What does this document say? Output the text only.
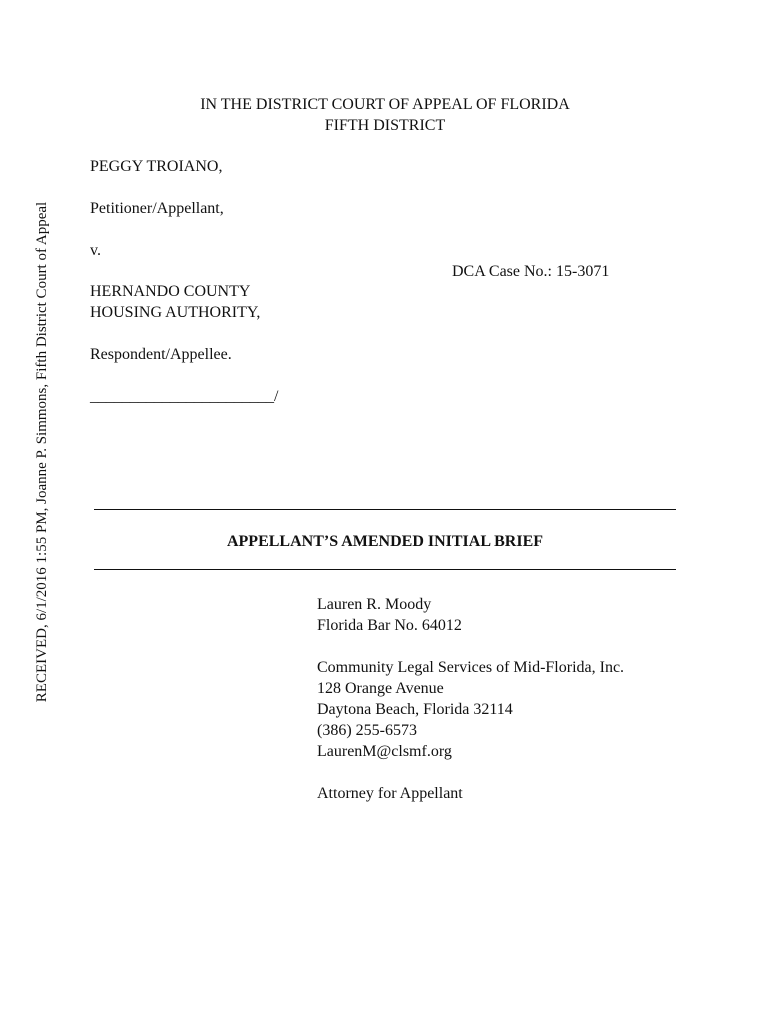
RECEIVED, 6/1/2016 1:55 PM, Joanne P. Simmons, Fifth District Court of Appeal
IN THE DISTRICT COURT OF APPEAL OF FLORIDA
FIFTH DISTRICT
PEGGY TROIANO,
Petitioner/Appellant,
v.
DCA Case No.: 15-3071
HERNANDO COUNTY
HOUSING AUTHORITY,
Respondent/Appellee.
_______________________/
APPELLANT’S AMENDED INITIAL BRIEF
Lauren R. Moody
Florida Bar No. 64012
Community Legal Services of Mid-Florida, Inc.
128 Orange Avenue
Daytona Beach, Florida 32114
(386) 255-6573
LaurenM@clsmf.org
Attorney for Appellant
